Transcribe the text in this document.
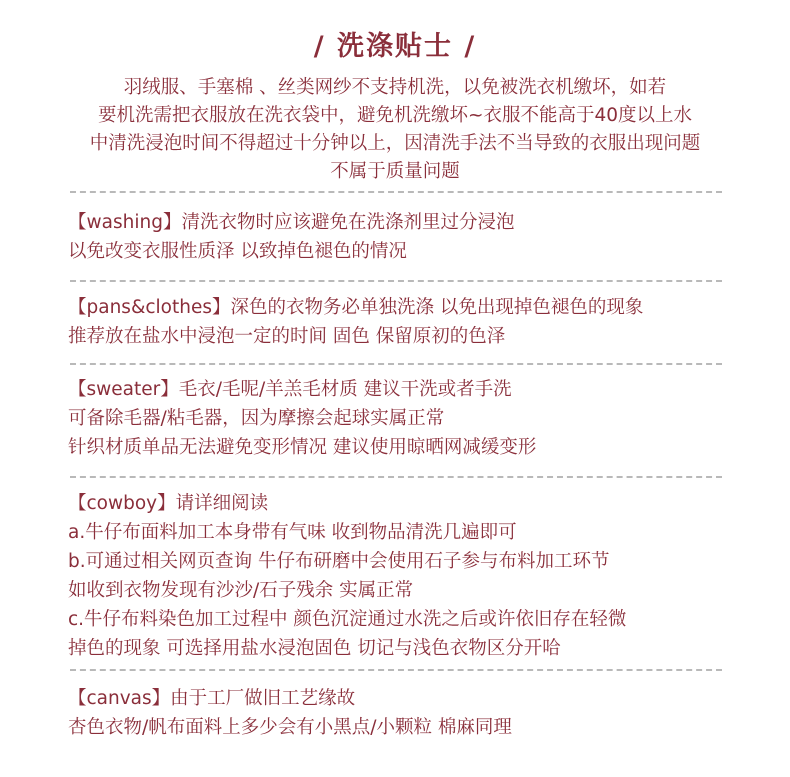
/ 洗涤贴士 /
羽绒服、手塞棉 、丝类网纱不支持机洗，以免被洗衣机缴坏，如若
要机洗需把衣服放在洗衣袋中，避免机洗缴坏~衣服不能高于40度以上水
中清洗浸泡时间不得超过十分钟以上，因清洗手法不当导致的衣服出现问题
不属于质量问题
【washing】清洗衣物时应该避免在洗涤剂里过分浸泡
以免改变衣服性质泽 以致掉色褪色的情况
【pans&clothes】深色的衣物务必单独洗涤 以免出现掉色褪色的现象
推荐放在盐水中浸泡一定的时间 固色 保留原初的色泽
【sweater】毛衣/毛呢/羊羔毛材质 建议干洗或者手洗
可备除毛器/粘毛器，因为摩擦会起球实属正常
针织材质单品无法避免变形情况 建议使用晾晒网减缓变形
【cowboy】请详细阅读
a.牛仔布面料加工本身带有气味 收到物品清洗几遍即可
b.可通过相关网页查询 牛仔布研磨中会使用石子参与布料加工环节
如收到衣物发现有沙沙/石子残余 实属正常
c.牛仔布料染色加工过程中 颜色沉淀通过水洗之后或许依旧存在轻微
掉色的现象 可选择用盐水浸泡固色 切记与浅色衣物区分开哈
【canvas】由于工厂做旧工艺缘故
杏色衣物/帆布面料上多少会有小黑点/小颗粒 棉麻同理
